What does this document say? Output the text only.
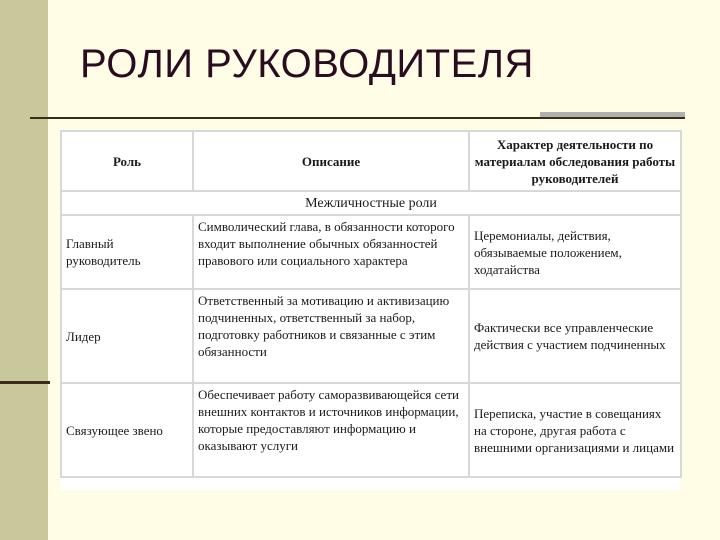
РОЛИ РУКОВОДИТЕЛЯ
Роль	Описание	Характер деятельности по материалам обследования работы руководителей
Межличностные роли		
Главный руководитель	Символический глава, в обязанности которого входит выполнение обычных обязанностей правового или социального характера	Церемониалы, действия, обязываемые положением, ходатайства
Лидер	Ответственный за мотивацию и активизацию подчиненных, ответственный за набор, подготовку работников и связанные с этим обязанности	Фактически все управленческие действия с участием подчиненных
Связующее звено	Обеспечивает работу саморазвивающейся сети внешних контактов и источников информации, которые предоставляют информацию и оказывают услуги	Переписка, участие в совещаниях на стороне, другая работа с внешними организациями и лицами
